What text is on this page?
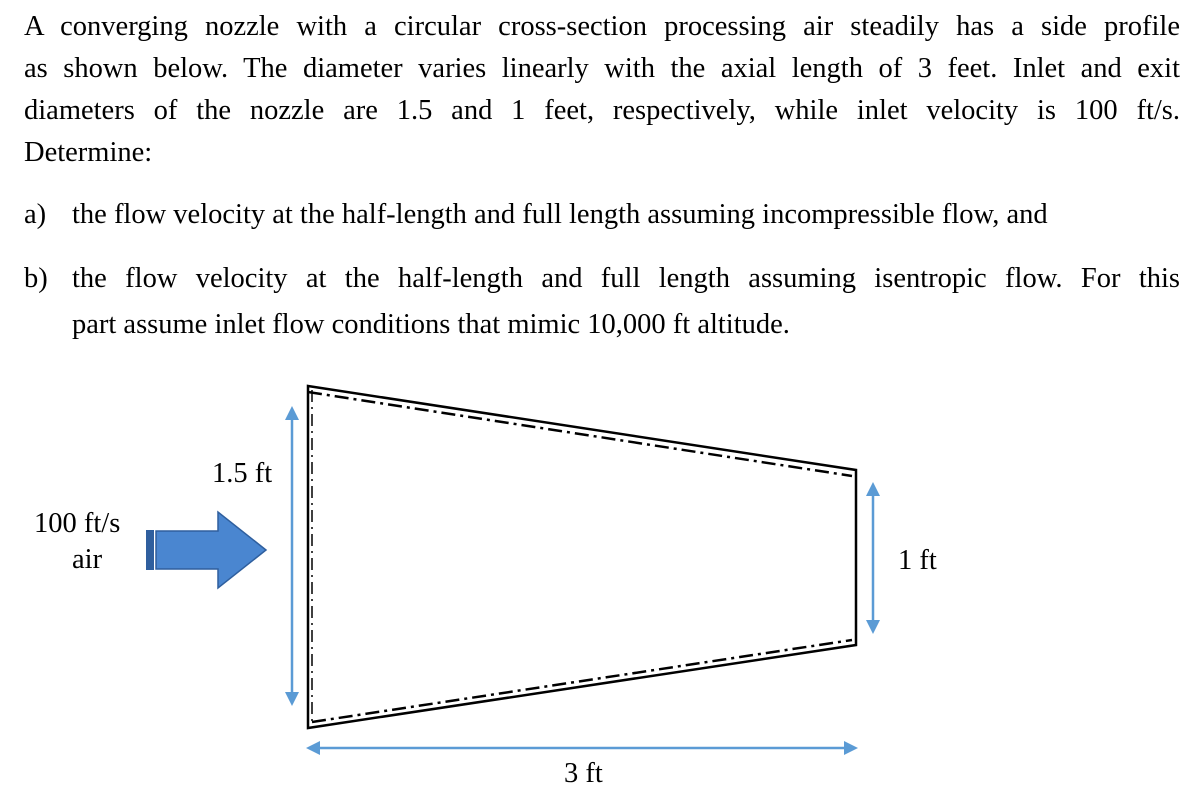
A converging nozzle with a circular cross-section processing air steadily has a side profile
as shown below. The diameter varies linearly with the axial length of 3 feet. Inlet and exit
diameters of the nozzle are 1.5 and 1 feet, respectively, while inlet velocity is 100 ft/s.
Determine:
a) the flow velocity at the half-length and full length assuming incompressible flow, and
b) the flow velocity at the half-length and full length assuming isentropic flow. For this
part assume inlet flow conditions that mimic 10,000 ft altitude.
100 ft/s
air
1.5 ft
1 ft
3 ft
